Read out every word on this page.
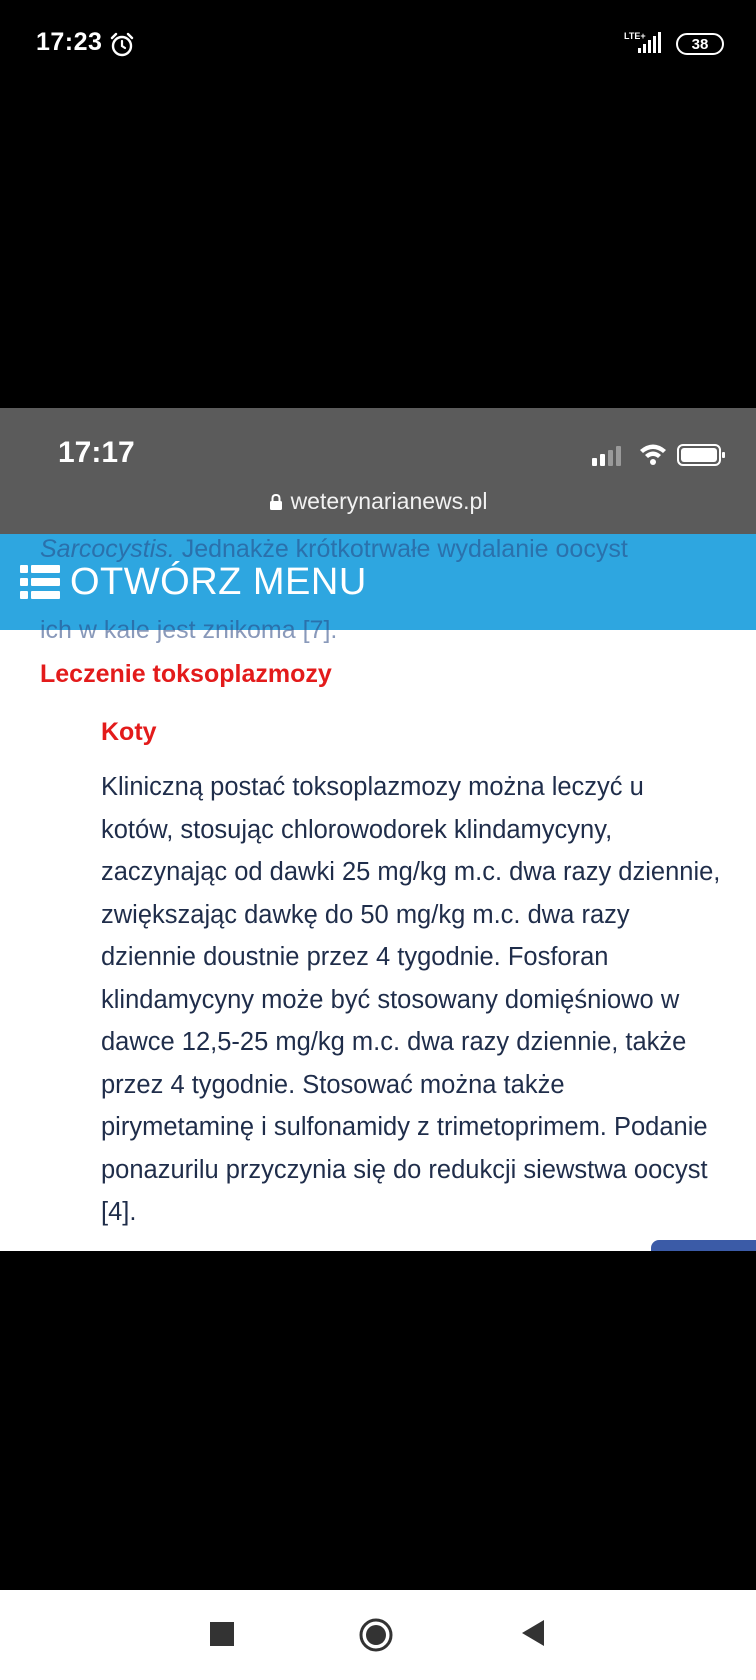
17:23	LTE+	38
17:17
weterynarianews.pl
Sarcocystis. Jednakże krótkotrwałe wydalanie oocyst
OTWÓRZ MENU
ich w kale jest znikoma [7].
Leczenie toksoplazmozy
Koty

Kliniczną postać toksoplazmozy można leczyć u kotów, stosując chlorowodorek klindamycyny, zaczynając od dawki 25 mg/kg m.c. dwa razy dziennie, zwiększając dawkę do 50 mg/kg m.c. dwa razy dziennie doustnie przez 4 tygodnie. Fosforan klindamycyny może być stosowany domięśniowo w dawce 12,5-25 mg/kg m.c. dwa razy dziennie, także przez 4 tygodnie. Stosować można także pirymetaminę i sulfonamidy z trimetoprimem. Podanie ponazurilu przyczynia się do redukcji siewstwa oocyst [4].
